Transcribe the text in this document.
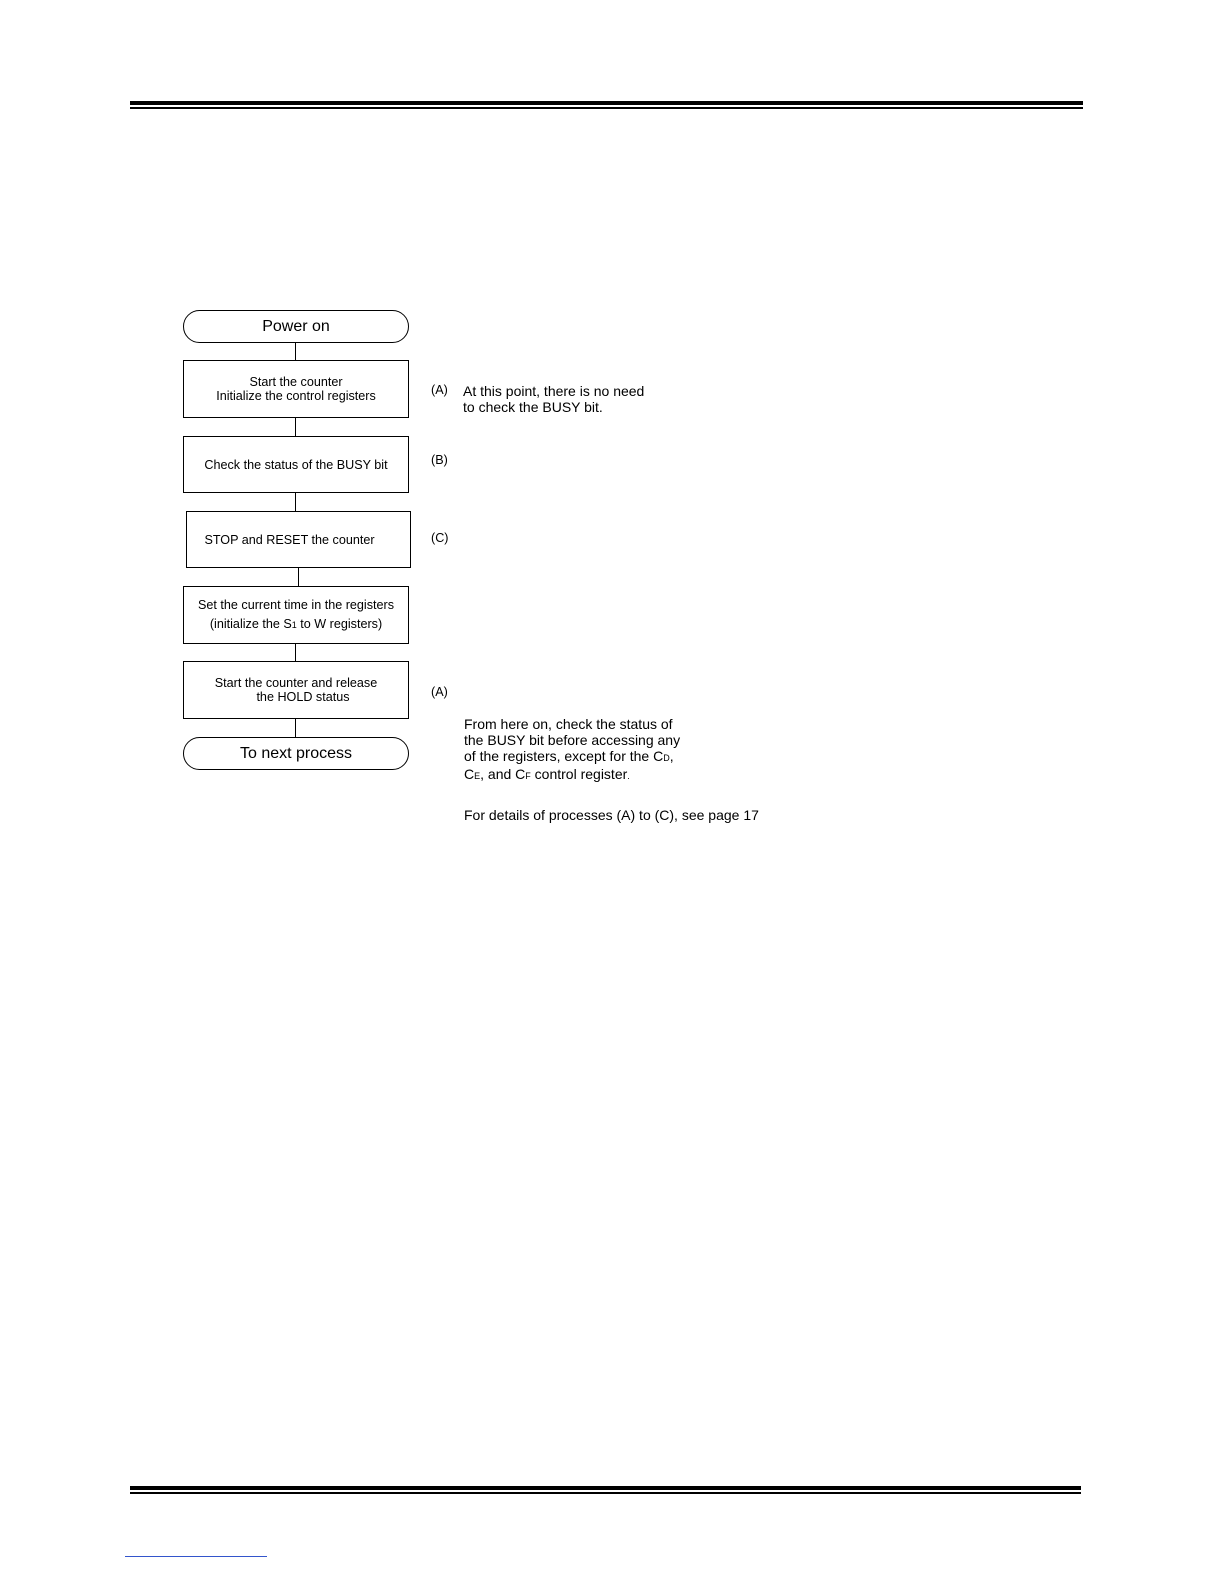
Power on
Start the counter
Initialize the control registers
Check the status of the BUSY bit
STOP and RESET the counter
Set the current time in the registers
(initialize the S1 to W registers)
Start the counter and release
the HOLD status
To next process
(A) At this point, there is no need
to check the BUSY bit.
(B)
(C)
(A)
From here on, check the status of
the BUSY bit before accessing any
of the registers, except for the CD,
CE, and CF control register.
For details of processes (A) to (C), see page 17
